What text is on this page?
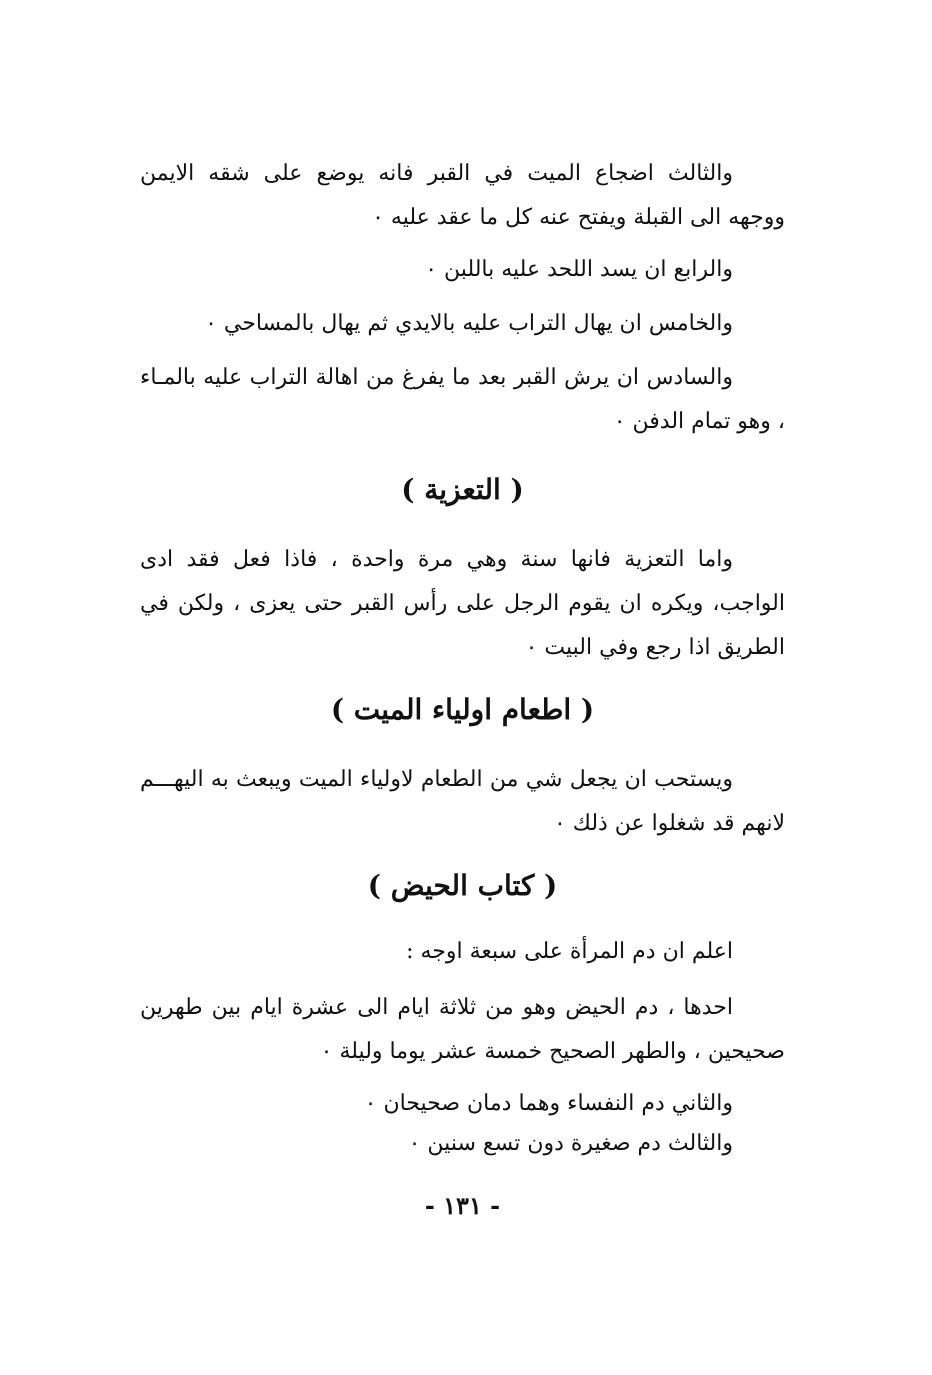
والثالث اضجاع الميت في القبر فانه يوضع على شقه الايمن ووجهه الى القبلة ويفتح عنه كل ما عقد عليه ٠

والرابع ان يسد اللحد عليه باللبن ٠

والخامس ان يهال التراب عليه بالايدي ثم يهال بالمساحي ٠

والسادس ان يرش القبر بعد ما يفرغ من اهالة التراب عليه بالمـاء ، وهو تمام الدفن ٠

( التعزية )

واما التعزية فانها سنة وهي مرة واحدة ، فاذا فعل فقد ادى الواجب، ويكره ان يقوم الرجل على رأس القبر حتى يعزى ، ولكن في الطريق اذا رجع وفي البيت ٠

( اطعام اولياء الميت )

ويستحب ان يجعل شي من الطعام لاولياء الميت ويبعث به اليهـــم لانهم قد شغلوا عن ذلك ٠

( كتاب الحيض )

اعلم ان دم المرأة على سبعة اوجه :

احدها ، دم الحيض وهو من ثلاثة ايام الى عشرة ايام بين طهرين صحيحين ، والطهر الصحيح خمسة عشر يوما وليلة ٠

والثاني دم النفساء وهما دمان صحيحان ٠

والثالث دم صغيرة دون تسع سنين ٠

- ١٣١ -
